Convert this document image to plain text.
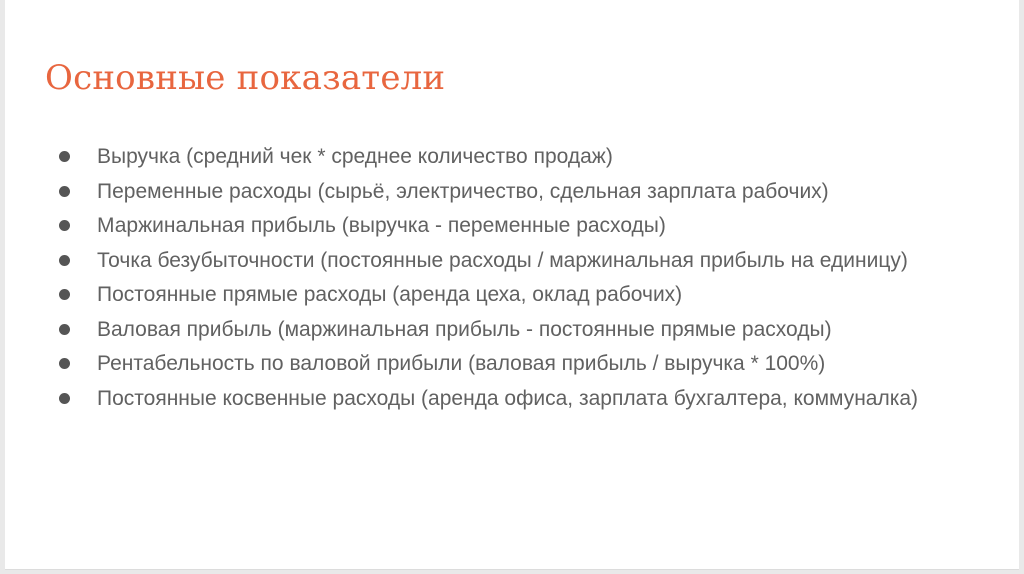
Основные показатели
Выручка (средний чек * среднее количество продаж)
Переменные расходы (сырьё, электричество, сдельная зарплата рабочих)
Маржинальная прибыль (выручка - переменные расходы)
Точка безубыточности (постоянные расходы / маржинальная прибыль на единицу)
Постоянные прямые расходы (аренда цеха, оклад рабочих)
Валовая прибыль (маржинальная прибыль - постоянные прямые расходы)
Рентабельность по валовой прибыли (валовая прибыль / выручка * 100%)
Постоянные косвенные расходы (аренда офиса, зарплата бухгалтера, коммуналка)
